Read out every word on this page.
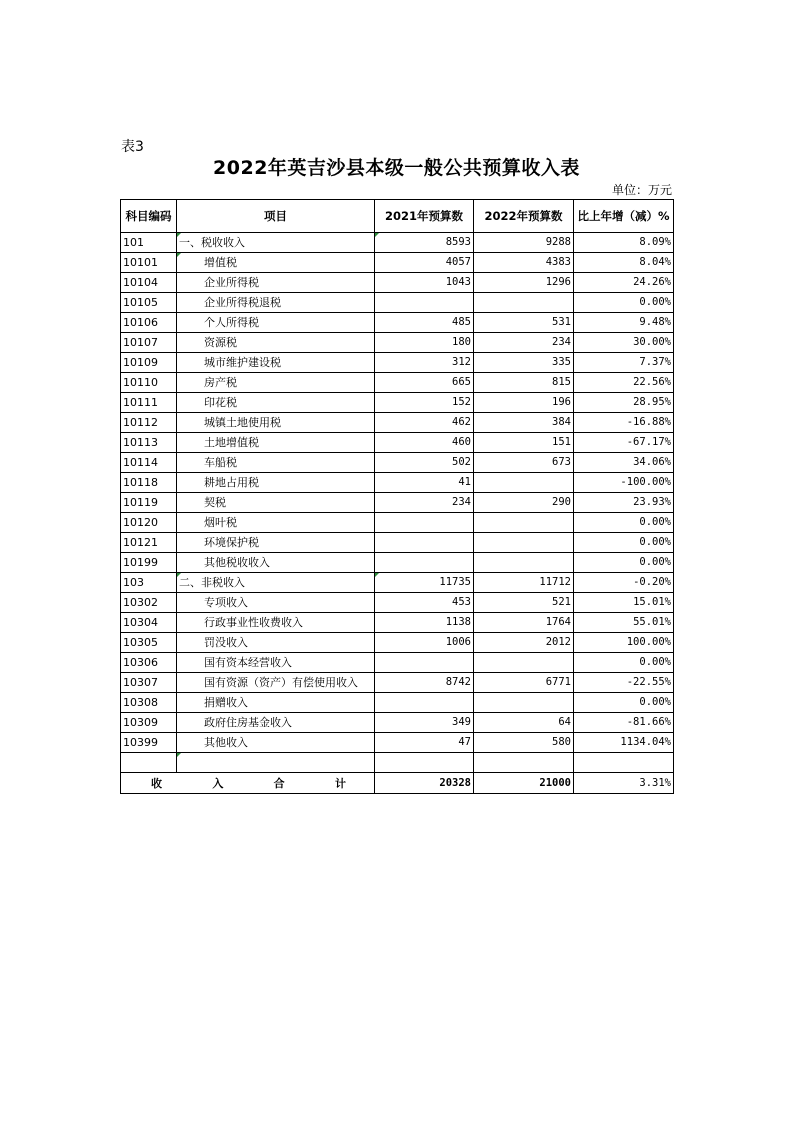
表3
2022年英吉沙县本级一般公共预算收入表
单位：万元
科目编码	项目	2021年预算数	2022年预算数	比上年增（减）%
101	一、税收收入	8593	9288	8.09%
10101	增值税	4057	4383	8.04%
10104	企业所得税	1043	1296	24.26%
10105	企业所得税退税			0.00%
10106	个人所得税	485	531	9.48%
10107	资源税	180	234	30.00%
10109	城市维护建设税	312	335	7.37%
10110	房产税	665	815	22.56%
10111	印花税	152	196	28.95%
10112	城镇土地使用税	462	384	-16.88%
10113	土地增值税	460	151	-67.17%
10114	车船税	502	673	34.06%
10118	耕地占用税	41		-100.00%
10119	契税	234	290	23.93%
10120	烟叶税			0.00%
10121	环境保护税			0.00%
10199	其他税收收入			0.00%
103	二、非税收入	11735	11712	-0.20%
10302	专项收入	453	521	15.01%
10304	行政事业性收费收入	1138	1764	55.01%
10305	罚没收入	1006	2012	100.00%
10306	国有资本经营收入			0.00%
10307	国有资源（资产）有偿使用收入	8742	6771	-22.55%
10308	捐赠收入			0.00%
10309	政府住房基金收入	349	64	-81.66%
10399	其他收入	47	580	1134.04%

收 入 合 计		20328	21000	3.31%
